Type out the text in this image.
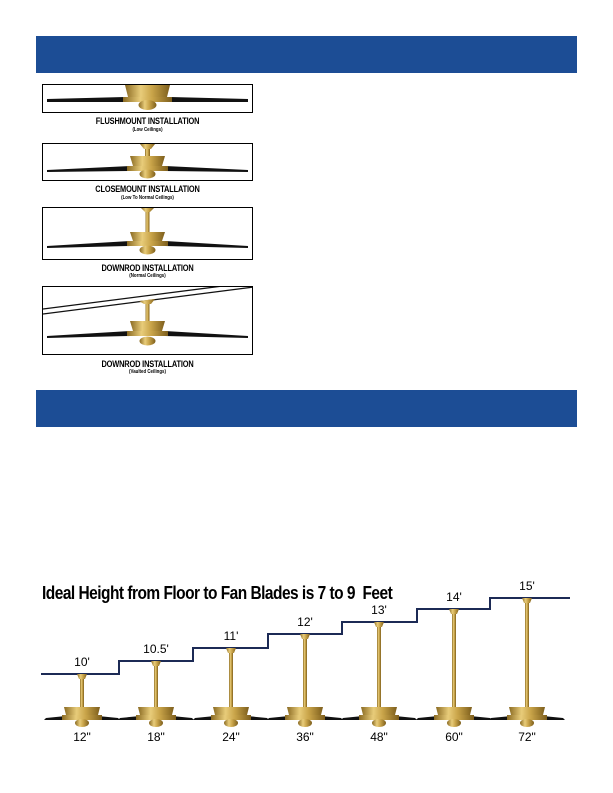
FLUSHMOUNT INSTALLATION
(Low Ceilings)
CLOSEMOUNT INSTALLATION
(Low To Normal Ceilings)
DOWNROD INSTALLATION
(Normal Ceilings)
DOWNROD INSTALLATION
(Vaulted Ceilings)
Ideal Height from Floor to Fan Blades is 7 to 9  Feet
10'
10.5'
11'
12'
13'
14'
15'
12"	18"	24"	36"	48"	60"	72"
